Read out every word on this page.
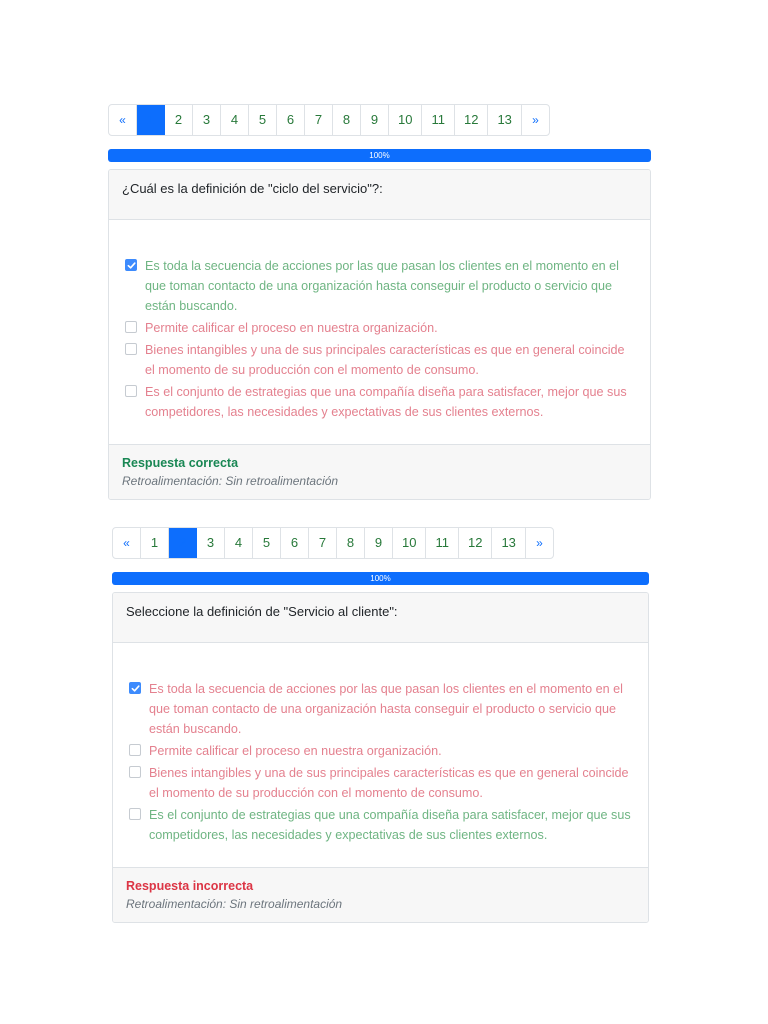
«	1	2	3	4	5	6	7	8	9	10	11	12	13	»
100%
¿Cuál es la definición de "ciclo del servicio"?:
Es toda la secuencia de acciones por las que pasan los clientes en el momento en el que toman contacto de una organización hasta conseguir el producto o servicio que están buscando.
Permite calificar el proceso en nuestra organización.
Bienes intangibles y una de sus principales características es que en general coincide el momento de su producción con el momento de consumo.
Es el conjunto de estrategias que una compañía diseña para satisfacer, mejor que sus competidores, las necesidades y expectativas de sus clientes externos.
Respuesta correcta
Retroalimentación: Sin retroalimentación
«	1	2	3	4	5	6	7	8	9	10	11	12	13	»
100%
Seleccione la definición de "Servicio al cliente":
Es toda la secuencia de acciones por las que pasan los clientes en el momento en el que toman contacto de una organización hasta conseguir el producto o servicio que están buscando.
Permite calificar el proceso en nuestra organización.
Bienes intangibles y una de sus principales características es que en general coincide el momento de su producción con el momento de consumo.
Es el conjunto de estrategias que una compañía diseña para satisfacer, mejor que sus competidores, las necesidades y expectativas de sus clientes externos.
Respuesta incorrecta
Retroalimentación: Sin retroalimentación
